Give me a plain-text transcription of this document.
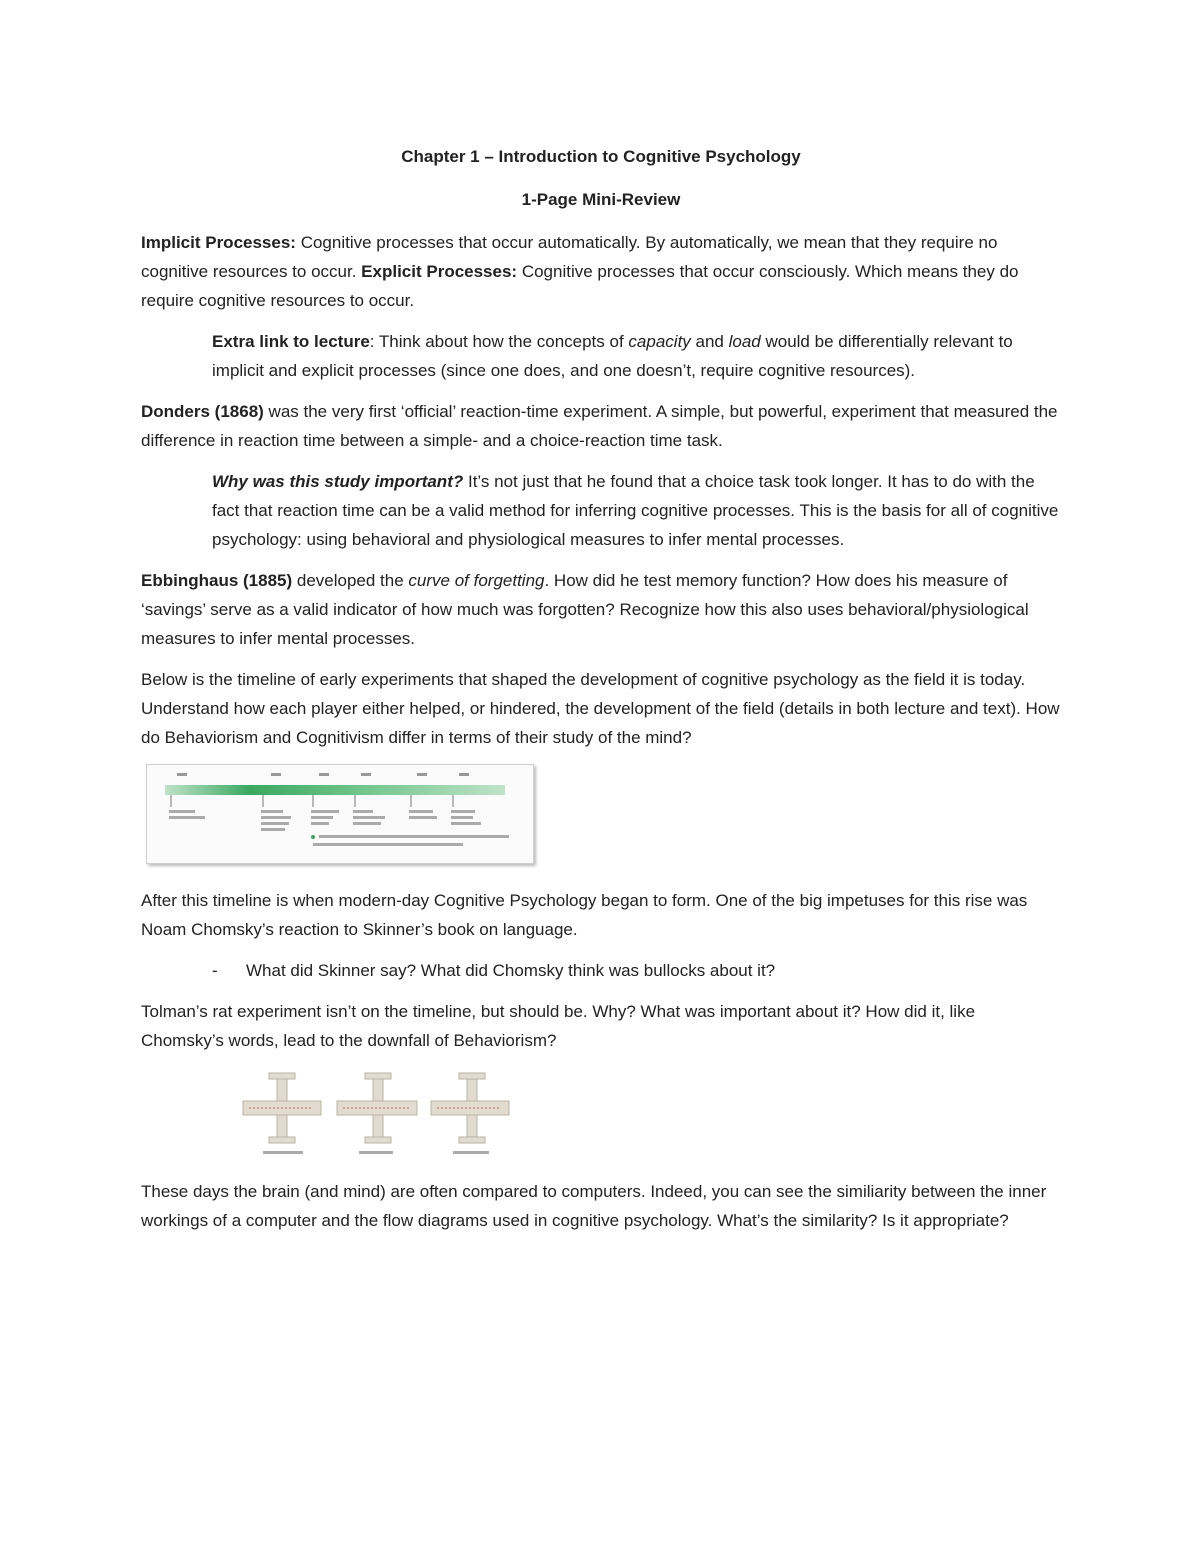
Chapter 1 – Introduction to Cognitive Psychology

1-Page Mini-Review

Implicit Processes: Cognitive processes that occur automatically. By automatically, we mean that they require no cognitive resources to occur. Explicit Processes: Cognitive processes that occur consciously. Which means they do require cognitive resources to occur.

Extra link to lecture: Think about how the concepts of capacity and load would be differentially relevant to implicit and explicit processes (since one does, and one doesn’t, require cognitive resources).

Donders (1868) was the very first ‘official’ reaction-time experiment. A simple, but powerful, experiment that measured the difference in reaction time between a simple- and a choice-reaction time task.

Why was this study important? It’s not just that he found that a choice task took longer. It has to do with the fact that reaction time can be a valid method for inferring cognitive processes. This is the basis for all of cognitive psychology: using behavioral and physiological measures to infer mental processes.

Ebbinghaus (1885) developed the curve of forgetting. How did he test memory function? How does his measure of ‘savings’ serve as a valid indicator of how much was forgotten? Recognize how this also uses behavioral/physiological measures to infer mental processes.

Below is the timeline of early experiments that shaped the development of cognitive psychology as the field it is today. Understand how each player either helped, or hindered, the development of the field (details in both lecture and text). How do Behaviorism and Cognitivism differ in terms of their study of the mind?

After this timeline is when modern-day Cognitive Psychology began to form. One of the big impetuses for this rise was Noam Chomsky’s reaction to Skinner’s book on language.

-	What did Skinner say? What did Chomsky think was bullocks about it?

Tolman’s rat experiment isn’t on the timeline, but should be. Why? What was important about it? How did it, like Chomsky’s words, lead to the downfall of Behaviorism?

These days the brain (and mind) are often compared to computers. Indeed, you can see the similiarity between the inner workings of a computer and the flow diagrams used in cognitive psychology. What’s the similarity? Is it appropriate?
